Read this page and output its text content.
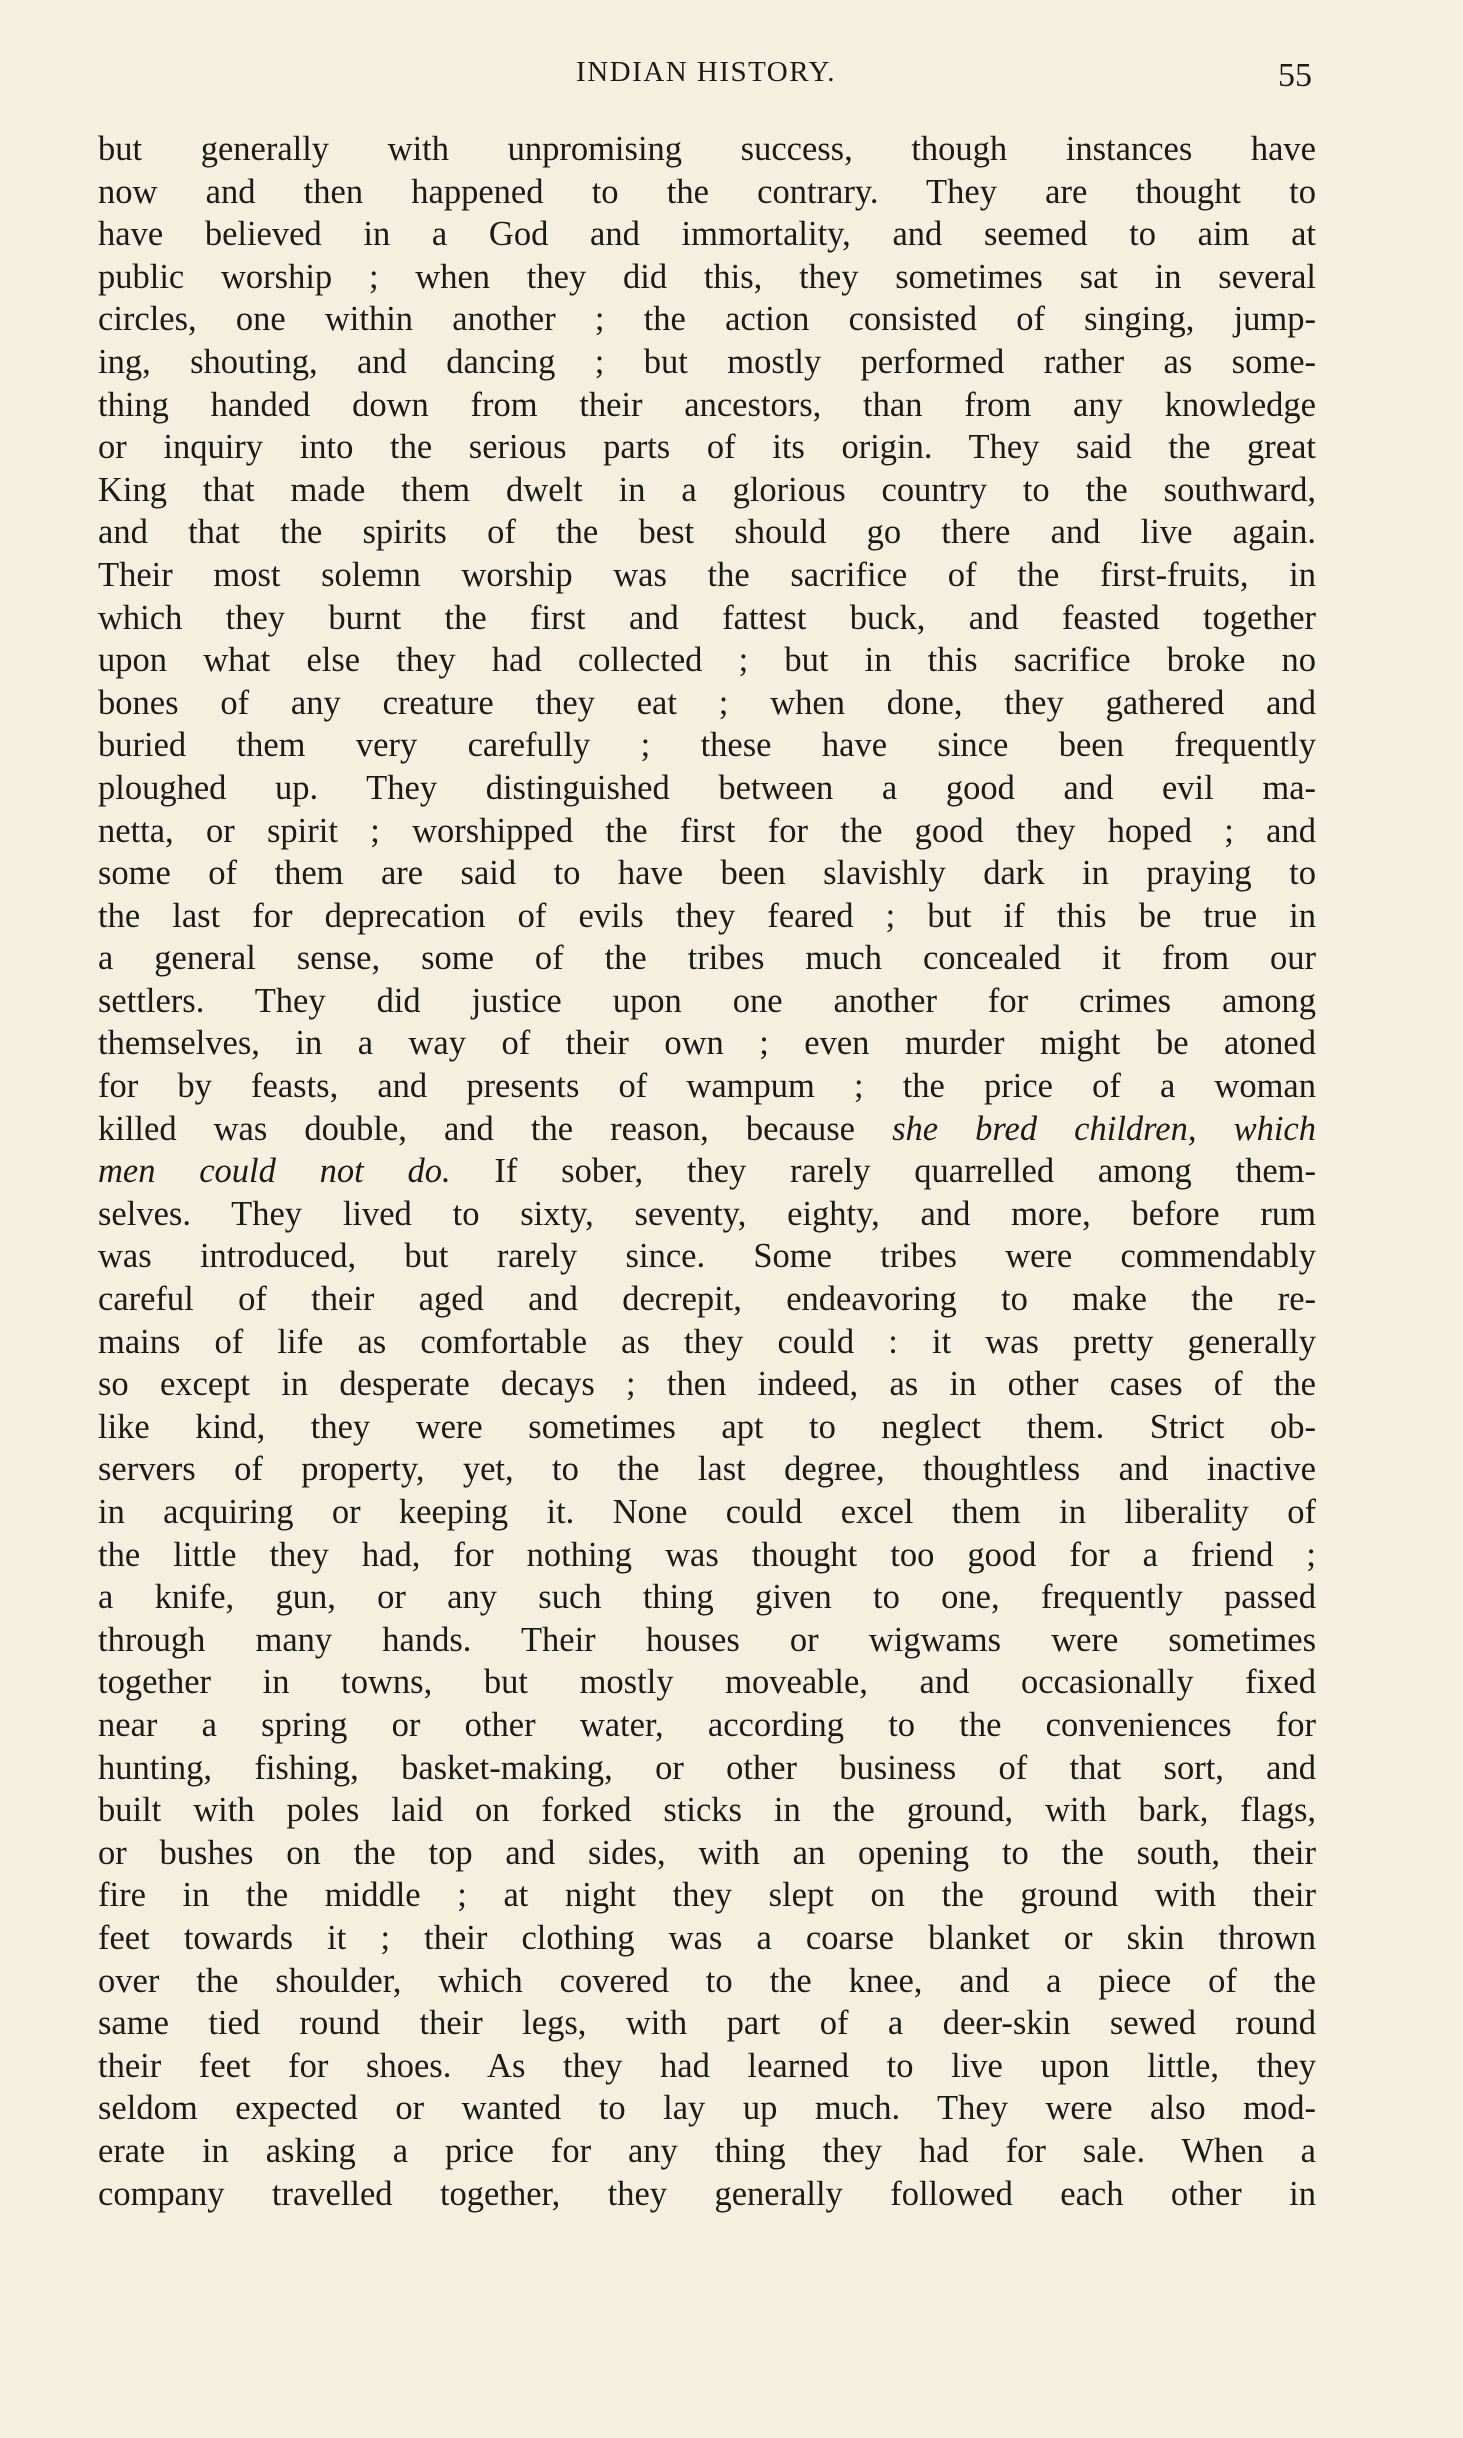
INDIAN HISTORY.	55
but generally with unpromising success, though instances have
now and then happened to the contrary. They are thought to
have believed in a God and immortality, and seemed to aim at
public worship ; when they did this, they sometimes sat in several
circles, one within another ; the action consisted of singing, jump-
ing, shouting, and dancing ; but mostly performed rather as some-
thing handed down from their ancestors, than from any knowledge
or inquiry into the serious parts of its origin. They said the great
King that made them dwelt in a glorious country to the southward,
and that the spirits of the best should go there and live again.
Their most solemn worship was the sacrifice of the first-fruits, in
which they burnt the first and fattest buck, and feasted together
upon what else they had collected ; but in this sacrifice broke no
bones of any creature they eat ; when done, they gathered and
buried them very carefully ; these have since been frequently
ploughed up. They distinguished between a good and evil ma-
netta, or spirit ; worshipped the first for the good they hoped ; and
some of them are said to have been slavishly dark in praying to
the last for deprecation of evils they feared ; but if this be true in
a general sense, some of the tribes much concealed it from our
settlers. They did justice upon one another for crimes among
themselves, in a way of their own ; even murder might be atoned
for by feasts, and presents of wampum ; the price of a woman
killed was double, and the reason, because she bred children, which
men could not do. If sober, they rarely quarrelled among them-
selves. They lived to sixty, seventy, eighty, and more, before rum
was introduced, but rarely since. Some tribes were commendably
careful of their aged and decrepit, endeavoring to make the re-
mains of life as comfortable as they could : it was pretty generally
so except in desperate decays ; then indeed, as in other cases of the
like kind, they were sometimes apt to neglect them. Strict ob-
servers of property, yet, to the last degree, thoughtless and inactive
in acquiring or keeping it. None could excel them in liberality of
the little they had, for nothing was thought too good for a friend ;
a knife, gun, or any such thing given to one, frequently passed
through many hands. Their houses or wigwams were sometimes
together in towns, but mostly moveable, and occasionally fixed
near a spring or other water, according to the conveniences for
hunting, fishing, basket-making, or other business of that sort, and
built with poles laid on forked sticks in the ground, with bark, flags,
or bushes on the top and sides, with an opening to the south, their
fire in the middle ; at night they slept on the ground with their
feet towards it ; their clothing was a coarse blanket or skin thrown
over the shoulder, which covered to the knee, and a piece of the
same tied round their legs, with part of a deer-skin sewed round
their feet for shoes. As they had learned to live upon little, they
seldom expected or wanted to lay up much. They were also mod-
erate in asking a price for any thing they had for sale. When a
company travelled together, they generally followed each other in
